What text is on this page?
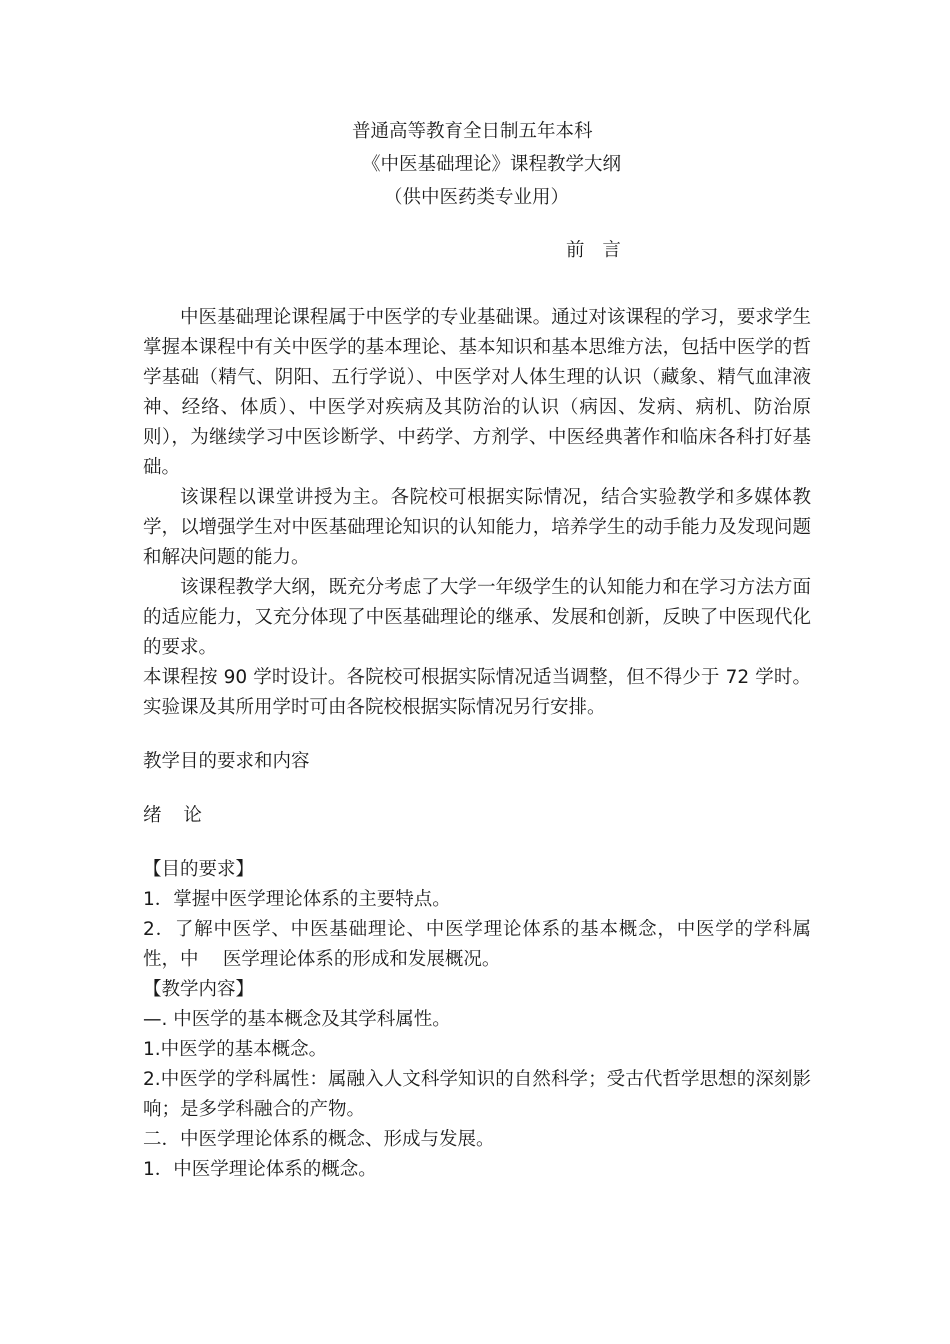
普通高等教育全日制五年本科
《中医基础理论》课程教学大纲
（供中医药类专业用）
前 言

中医基础理论课程属于中医学的专业基础课。通过对该课程的学习，要求学生掌握本课程中有关中医学的基本理论、基本知识和基本思维方法，包括中医学的哲学基础（精气、阴阳、五行学说）、中医学对人体生理的认识（藏象、精气血津液神、经络、体质）、中医学对疾病及其防治的认识（病因、发病、病机、防治原则），为继续学习中医诊断学、中药学、方剂学、中医经典著作和临床各科打好基础。

该课程以课堂讲授为主。各院校可根据实际情况，结合实验教学和多媒体教学，以增强学生对中医基础理论知识的认知能力，培养学生的动手能力及发现问题和解决问题的能力。

该课程教学大纲，既充分考虑了大学一年级学生的认知能力和在学习方法方面的适应能力，又充分体现了中医基础理论的继承、发展和创新，反映了中医现代化的要求。

本课程按 90 学时设计。各院校可根据实际情况适当调整，但不得少于 72 学时。实验课及其所用学时可由各院校根据实际情况另行安排。

教学目的要求和内容

绪 论

【目的要求】

1．掌握中医学理论体系的主要特点。

2．了解中医学、中医基础理论、中医学理论体系的基本概念，中医学的学科属性，中　 医学理论体系的形成和发展概况。

【教学内容】

—. 中医学的基本概念及其学科属性。

1.中医学的基本概念。

2.中医学的学科属性：属融入人文科学知识的自然科学；受古代哲学思想的深刻影响；是多学科融合的产物。

二．中医学理论体系的概念、形成与发展。

1．中医学理论体系的概念。
